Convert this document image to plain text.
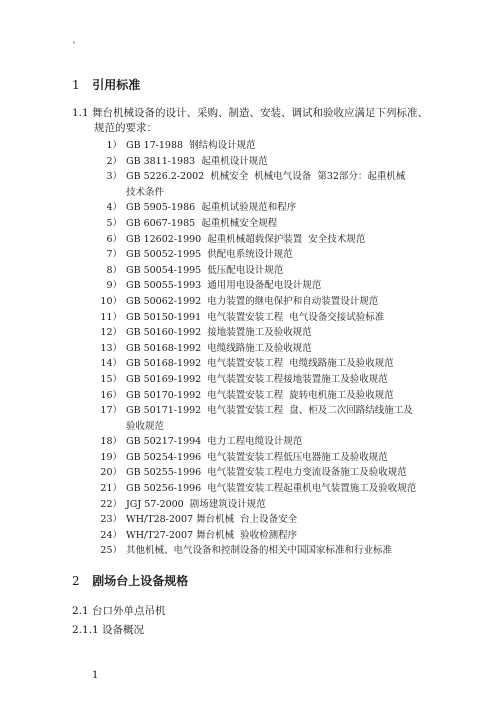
`
1 引用标准
1.1 舞台机械设备的设计、采购、制造、安装、调试和验收应满足下列标准、
规范的要求：
1） GB 17-1988  钢结构设计规范
2） GB 3811-1983  起重机设计规范
3） GB 5226.2-2002  机械安全  机械电气设备  第32部分：起重机械
技术条件
4） GB 5905-1986  起重机试验规范和程序
5） GB 6067-1985  起重机械安全规程
6） GB 12602-1990  起重机械超载保护装置  安全技术规范
7） GB 50052-1995  供配电系统设计规范
8） GB 50054-1995  低压配电设计规范
9） GB 50055-1993  通用用电设备配电设计规范
10） GB 50062-1992  电力装置的继电保护和自动装置设计规范
11） GB 50150-1991  电气装置安装工程  电气设备交接试验标准
12） GB 50160-1992  接地装置施工及验收规范
13） GB 50168-1992  电缆线路施工及验收规范
14） GB 50168-1992  电气装置安装工程  电缆线路施工及验收规范
15） GB 50169-1992  电气装置安装工程接地装置施工及验收规范
16） GB 50170-1992  电气装置安装工程  旋转电机施工及验收规范
17） GB 50171-1992  电气装置安装工程  盘、柜及二次回路结线施工及
验收规范
18） GB 50217-1994  电力工程电缆设计规范
19） GB 50254-1996  电气装置安装工程低压电器施工及验收规范
20） GB 50255-1996  电气装置安装工程电力变流设备施工及验收规范
21） GB 50256-1996  电气装置安装工程起重机电气装置施工及验收规范
22） JGJ 57-2000  剧场建筑设计规范
23） WH/T28-2007 舞台机械  台上设备安全
24） WH/T27-2007 舞台机械  验收检测程序
25） 其他机械、电气设备和控制设备的相关中国国家标准和行业标准
2 剧场台上设备规格
2.1 台口外单点吊机
2.1.1 设备概况
1
